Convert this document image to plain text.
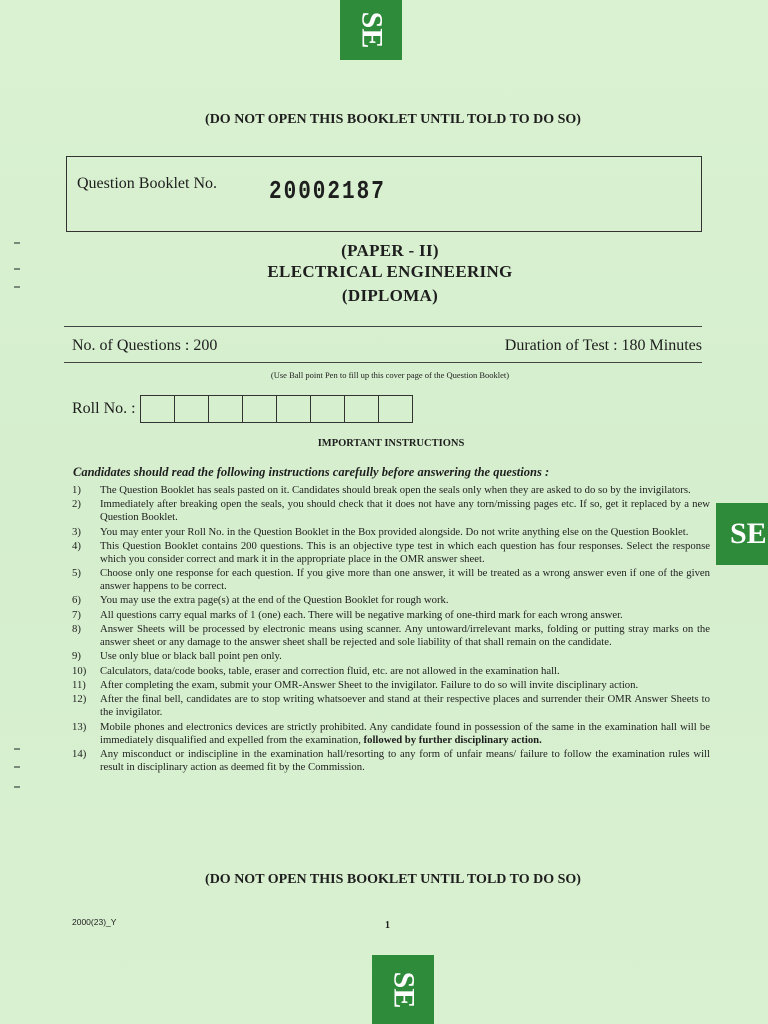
SE
SE
SE
(DO NOT OPEN THIS BOOKLET UNTIL TOLD TO DO SO)
Question Booklet No. 20002187
(PAPER - II)
ELECTRICAL ENGINEERING
(DIPLOMA)
No. of Questions : 200	Duration of Test : 180 Minutes
(Use Ball point Pen to fill up this cover page of the Question Booklet)
Roll No. :
IMPORTANT INSTRUCTIONS
Candidates should read the following instructions carefully before answering the questions :
1)	The Question Booklet has seals pasted on it. Candidates should break open the seals only when they are asked to do so by the invigilators.
2)	Immediately after breaking open the seals, you should check that it does not have any torn/missing pages etc. If so, get it replaced by a new Question Booklet.
3)	You may enter your Roll No. in the Question Booklet in the Box provided alongside. Do not write anything else on the Question Booklet.
4)	This Question Booklet contains 200 questions. This is an objective type test in which each question has four responses. Select the response which you consider correct and mark it in the appropriate place in the OMR answer sheet.
5)	Choose only one response for each question. If you give more than one answer, it will be treated as a wrong answer even if one of the given answer happens to be correct.
6)	You may use the extra page(s) at the end of the Question Booklet for rough work.
7)	All questions carry equal marks of 1 (one) each. There will be negative marking of one-third mark for each wrong answer.
8)	Answer Sheets will be processed by electronic means using scanner. Any untoward/irrelevant marks, folding or putting stray marks on the answer sheet or any damage to the answer sheet shall be rejected and sole liability of that shall remain on the candidate.
9)	Use only blue or black ball point pen only.
10)	Calculators, data/code books, table, eraser and correction fluid, etc. are not allowed in the examination hall.
11)	After completing the exam, submit your OMR-Answer Sheet to the invigilator. Failure to do so will invite disciplinary action.
12)	After the final bell, candidates are to stop writing whatsoever and stand at their respective places and surrender their OMR Answer Sheets to the invigilator.
13)	Mobile phones and electronics devices are strictly prohibited. Any candidate found in possession of the same in the examination hall will be immediately disqualified and expelled from the examination, followed by further disciplinary action.
14)	Any misconduct or indiscipline in the examination hall/resorting to any form of unfair means/ failure to follow the examination rules will result in disciplinary action as deemed fit by the Commission.
(DO NOT OPEN THIS BOOKLET UNTIL TOLD TO DO SO)
2000(23)_Y	1
